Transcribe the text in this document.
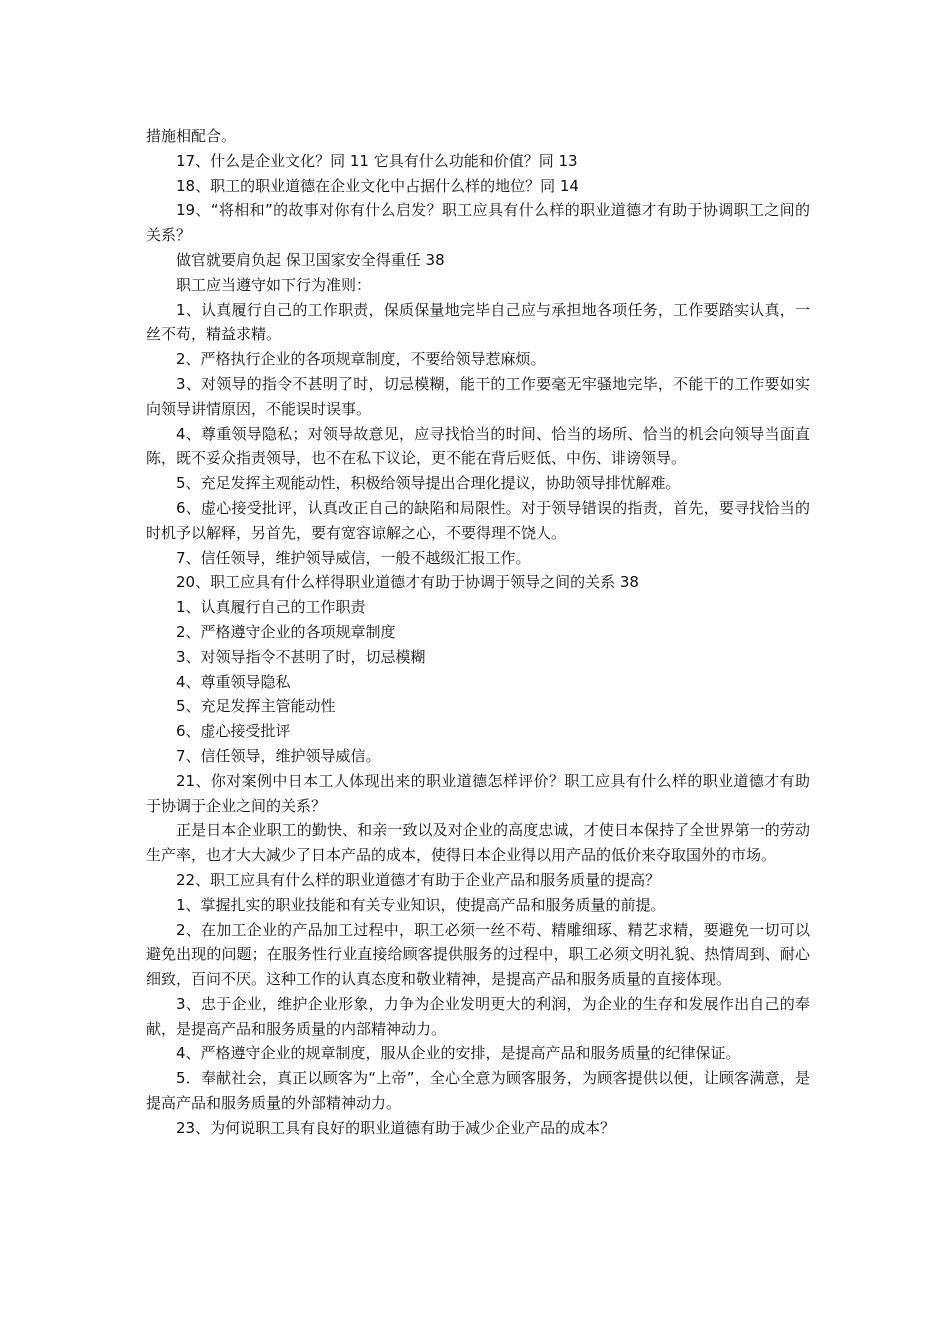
措施相配合。

17、什么是企业文化？同 11 它具有什么功能和价值？同 13

18、职工的职业道德在企业文化中占据什么样的地位？同 14

19、“将相和”的故事对你有什么启发？职工应具有什么样的职业道德才有助于协调职工之间的关系？

做官就要肩负起 保卫国家安全得重任 38

职工应当遵守如下行为准则：

1、认真履行自己的工作职责，保质保量地完毕自己应与承担地各项任务，工作要踏实认真，一丝不苟，精益求精。

2、严格执行企业的各项规章制度，不要给领导惹麻烦。

3、对领导的指令不甚明了时，切忌模糊，能干的工作要毫无牢骚地完毕，不能干的工作要如实向领导讲情原因，不能误时误事。

4、尊重领导隐私；对领导故意见，应寻找恰当的时间、恰当的场所、恰当的机会向领导当面直陈，既不妥众指责领导，也不在私下议论，更不能在背后贬低、中伤、诽谤领导。

5、充足发挥主观能动性，积极给领导提出合理化提议，协助领导排忧解难。

6、虚心接受批评，认真改正自己的缺陷和局限性。对于领导错误的指责，首先，要寻找恰当的时机予以解释，另首先，要有宽容谅解之心，不要得理不饶人。

7、信任领导，维护领导威信，一般不越级汇报工作。

20、职工应具有什么样得职业道德才有助于协调于领导之间的关系 38

1、认真履行自己的工作职责

2、严格遵守企业的各项规章制度

3、对领导指令不甚明了时，切忌模糊

4、尊重领导隐私

5、充足发挥主管能动性

6、虚心接受批评

7、信任领导，维护领导威信。

21、你对案例中日本工人体现出来的职业道德怎样评价？职工应具有什么样的职业道德才有助于协调于企业之间的关系？

正是日本企业职工的勤快、和亲一致以及对企业的高度忠诚，才使日本保持了全世界第一的劳动生产率，也才大大减少了日本产品的成本，使得日本企业得以用产品的低价来夺取国外的市场。

22、职工应具有什么样的职业道德才有助于企业产品和服务质量的提高？

1、掌握扎实的职业技能和有关专业知识，使提高产品和服务质量的前提。

2、在加工企业的产品加工过程中，职工必须一丝不苟、精雕细琢、精艺求精，要避免一切可以避免出现的问题；在服务性行业直接给顾客提供服务的过程中，职工必须文明礼貌、热情周到、耐心细致，百问不厌。这种工作的认真态度和敬业精神，是提高产品和服务质量的直接体现。

3、忠于企业，维护企业形象，力争为企业发明更大的利润，为企业的生存和发展作出自己的奉献，是提高产品和服务质量的内部精神动力。

4、严格遵守企业的规章制度，服从企业的安排，是提高产品和服务质量的纪律保证。

5．奉献社会，真正以顾客为“上帝”，全心全意为顾客服务，为顾客提供以便，让顾客满意，是提高产品和服务质量的外部精神动力。

23、为何说职工具有良好的职业道德有助于减少企业产品的成本？
